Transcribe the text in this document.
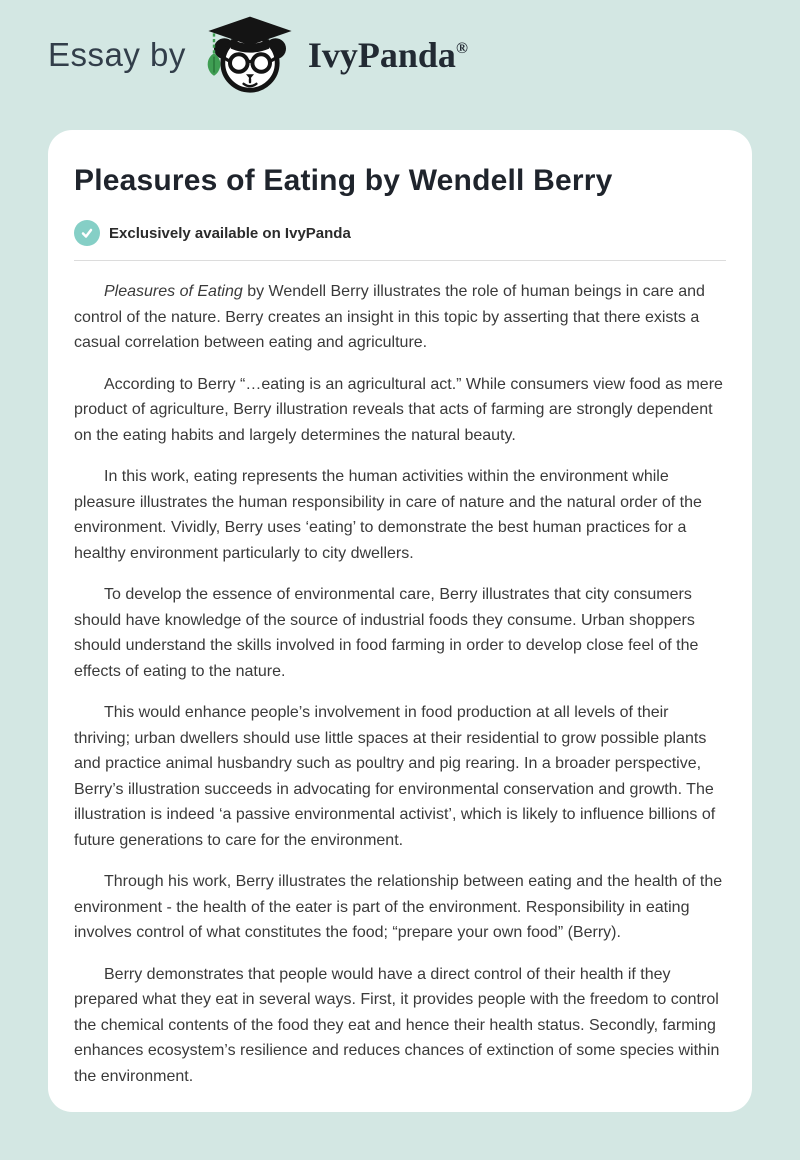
Essay by	IvyPanda®
Pleasures of Eating by Wendell Berry
Exclusively available on IvyPanda

Pleasures of Eating by Wendell Berry illustrates the role of human beings in care and control of the nature. Berry creates an insight in this topic by asserting that there exists a casual correlation between eating and agriculture.

According to Berry “…eating is an agricultural act.” While consumers view food as mere product of agriculture, Berry illustration reveals that acts of farming are strongly dependent on the eating habits and largely determines the natural beauty.

In this work, eating represents the human activities within the environment while pleasure illustrates the human responsibility in care of nature and the natural order of the environment. Vividly, Berry uses ‘eating’ to demonstrate the best human practices for a healthy environment particularly to city dwellers.

To develop the essence of environmental care, Berry illustrates that city consumers should have knowledge of the source of industrial foods they consume. Urban shoppers should understand the skills involved in food farming in order to develop close feel of the effects of eating to the nature.

This would enhance people’s involvement in food production at all levels of their thriving; urban dwellers should use little spaces at their residential to grow possible plants and practice animal husbandry such as poultry and pig rearing. In a broader perspective, Berry’s illustration succeeds in advocating for environmental conservation and growth. The illustration is indeed ‘a passive environmental activist’, which is likely to influence billions of future generations to care for the environment.

Through his work, Berry illustrates the relationship between eating and the health of the environment - the health of the eater is part of the environment. Responsibility in eating involves control of what constitutes the food; “prepare your own food” (Berry).

Berry demonstrates that people would have a direct control of their health if they prepared what they eat in several ways. First, it provides people with the freedom to control the chemical contents of the food they eat and hence their health status. Secondly, farming enhances ecosystem’s resilience and reduces chances of extinction of some species within the environment.
